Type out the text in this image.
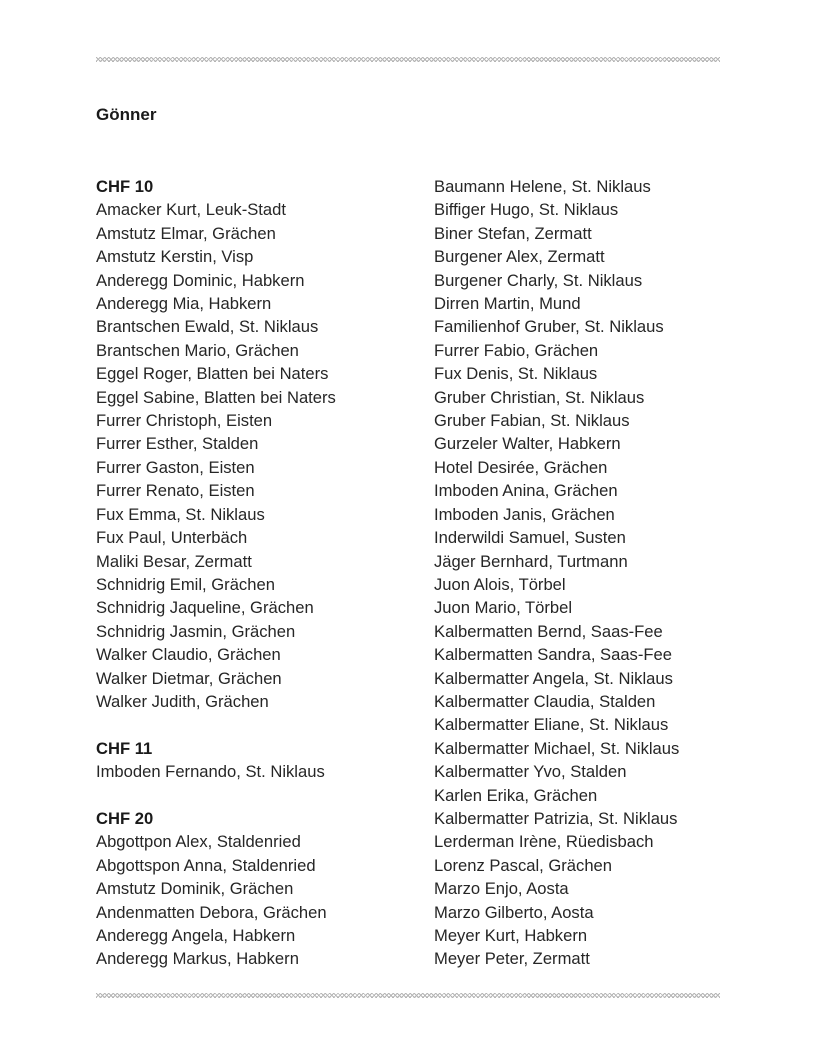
Gönner
CHF 10
Amacker Kurt, Leuk-Stadt
Amstutz Elmar, Grächen
Amstutz Kerstin, Visp
Anderegg Dominic, Habkern
Anderegg Mia, Habkern
Brantschen Ewald, St. Niklaus
Brantschen Mario, Grächen
Eggel Roger, Blatten bei Naters
Eggel Sabine, Blatten bei Naters
Furrer Christoph, Eisten
Furrer Esther, Stalden
Furrer Gaston, Eisten
Furrer Renato, Eisten
Fux Emma, St. Niklaus
Fux Paul, Unterbäch
Maliki Besar, Zermatt
Schnidrig Emil, Grächen
Schnidrig Jaqueline, Grächen
Schnidrig Jasmin, Grächen
Walker Claudio, Grächen
Walker Dietmar, Grächen
Walker Judith, Grächen
CHF 11
Imboden Fernando, St. Niklaus
CHF 20
Abgottpon Alex, Staldenried
Abgottspon Anna, Staldenried
Amstutz Dominik, Grächen
Andenmatten Debora, Grächen
Anderegg Angela, Habkern
Anderegg Markus, Habkern
Baumann Helene, St. Niklaus
Biffiger Hugo, St. Niklaus
Biner Stefan, Zermatt
Burgener Alex, Zermatt
Burgener Charly, St. Niklaus
Dirren Martin, Mund
Familienhof Gruber, St. Niklaus
Furrer Fabio, Grächen
Fux Denis, St. Niklaus
Gruber Christian, St. Niklaus
Gruber Fabian, St. Niklaus
Gurzeler Walter, Habkern
Hotel Desirée, Grächen
Imboden Anina, Grächen
Imboden Janis, Grächen
Inderwildi Samuel, Susten
Jäger Bernhard, Turtmann
Juon Alois, Törbel
Juon Mario, Törbel
Kalbermatten Bernd, Saas-Fee
Kalbermatten Sandra, Saas-Fee
Kalbermatter Angela, St. Niklaus
Kalbermatter Claudia, Stalden
Kalbermatter Eliane, St. Niklaus
Kalbermatter Michael, St. Niklaus
Kalbermatter Yvo, Stalden
Karlen Erika, Grächen
Kalbermatter Patrizia, St. Niklaus
Lerderman Irène, Rüedisbach
Lorenz Pascal, Grächen
Marzo Enjo, Aosta
Marzo Gilberto, Aosta
Meyer Kurt, Habkern
Meyer Peter, Zermatt
